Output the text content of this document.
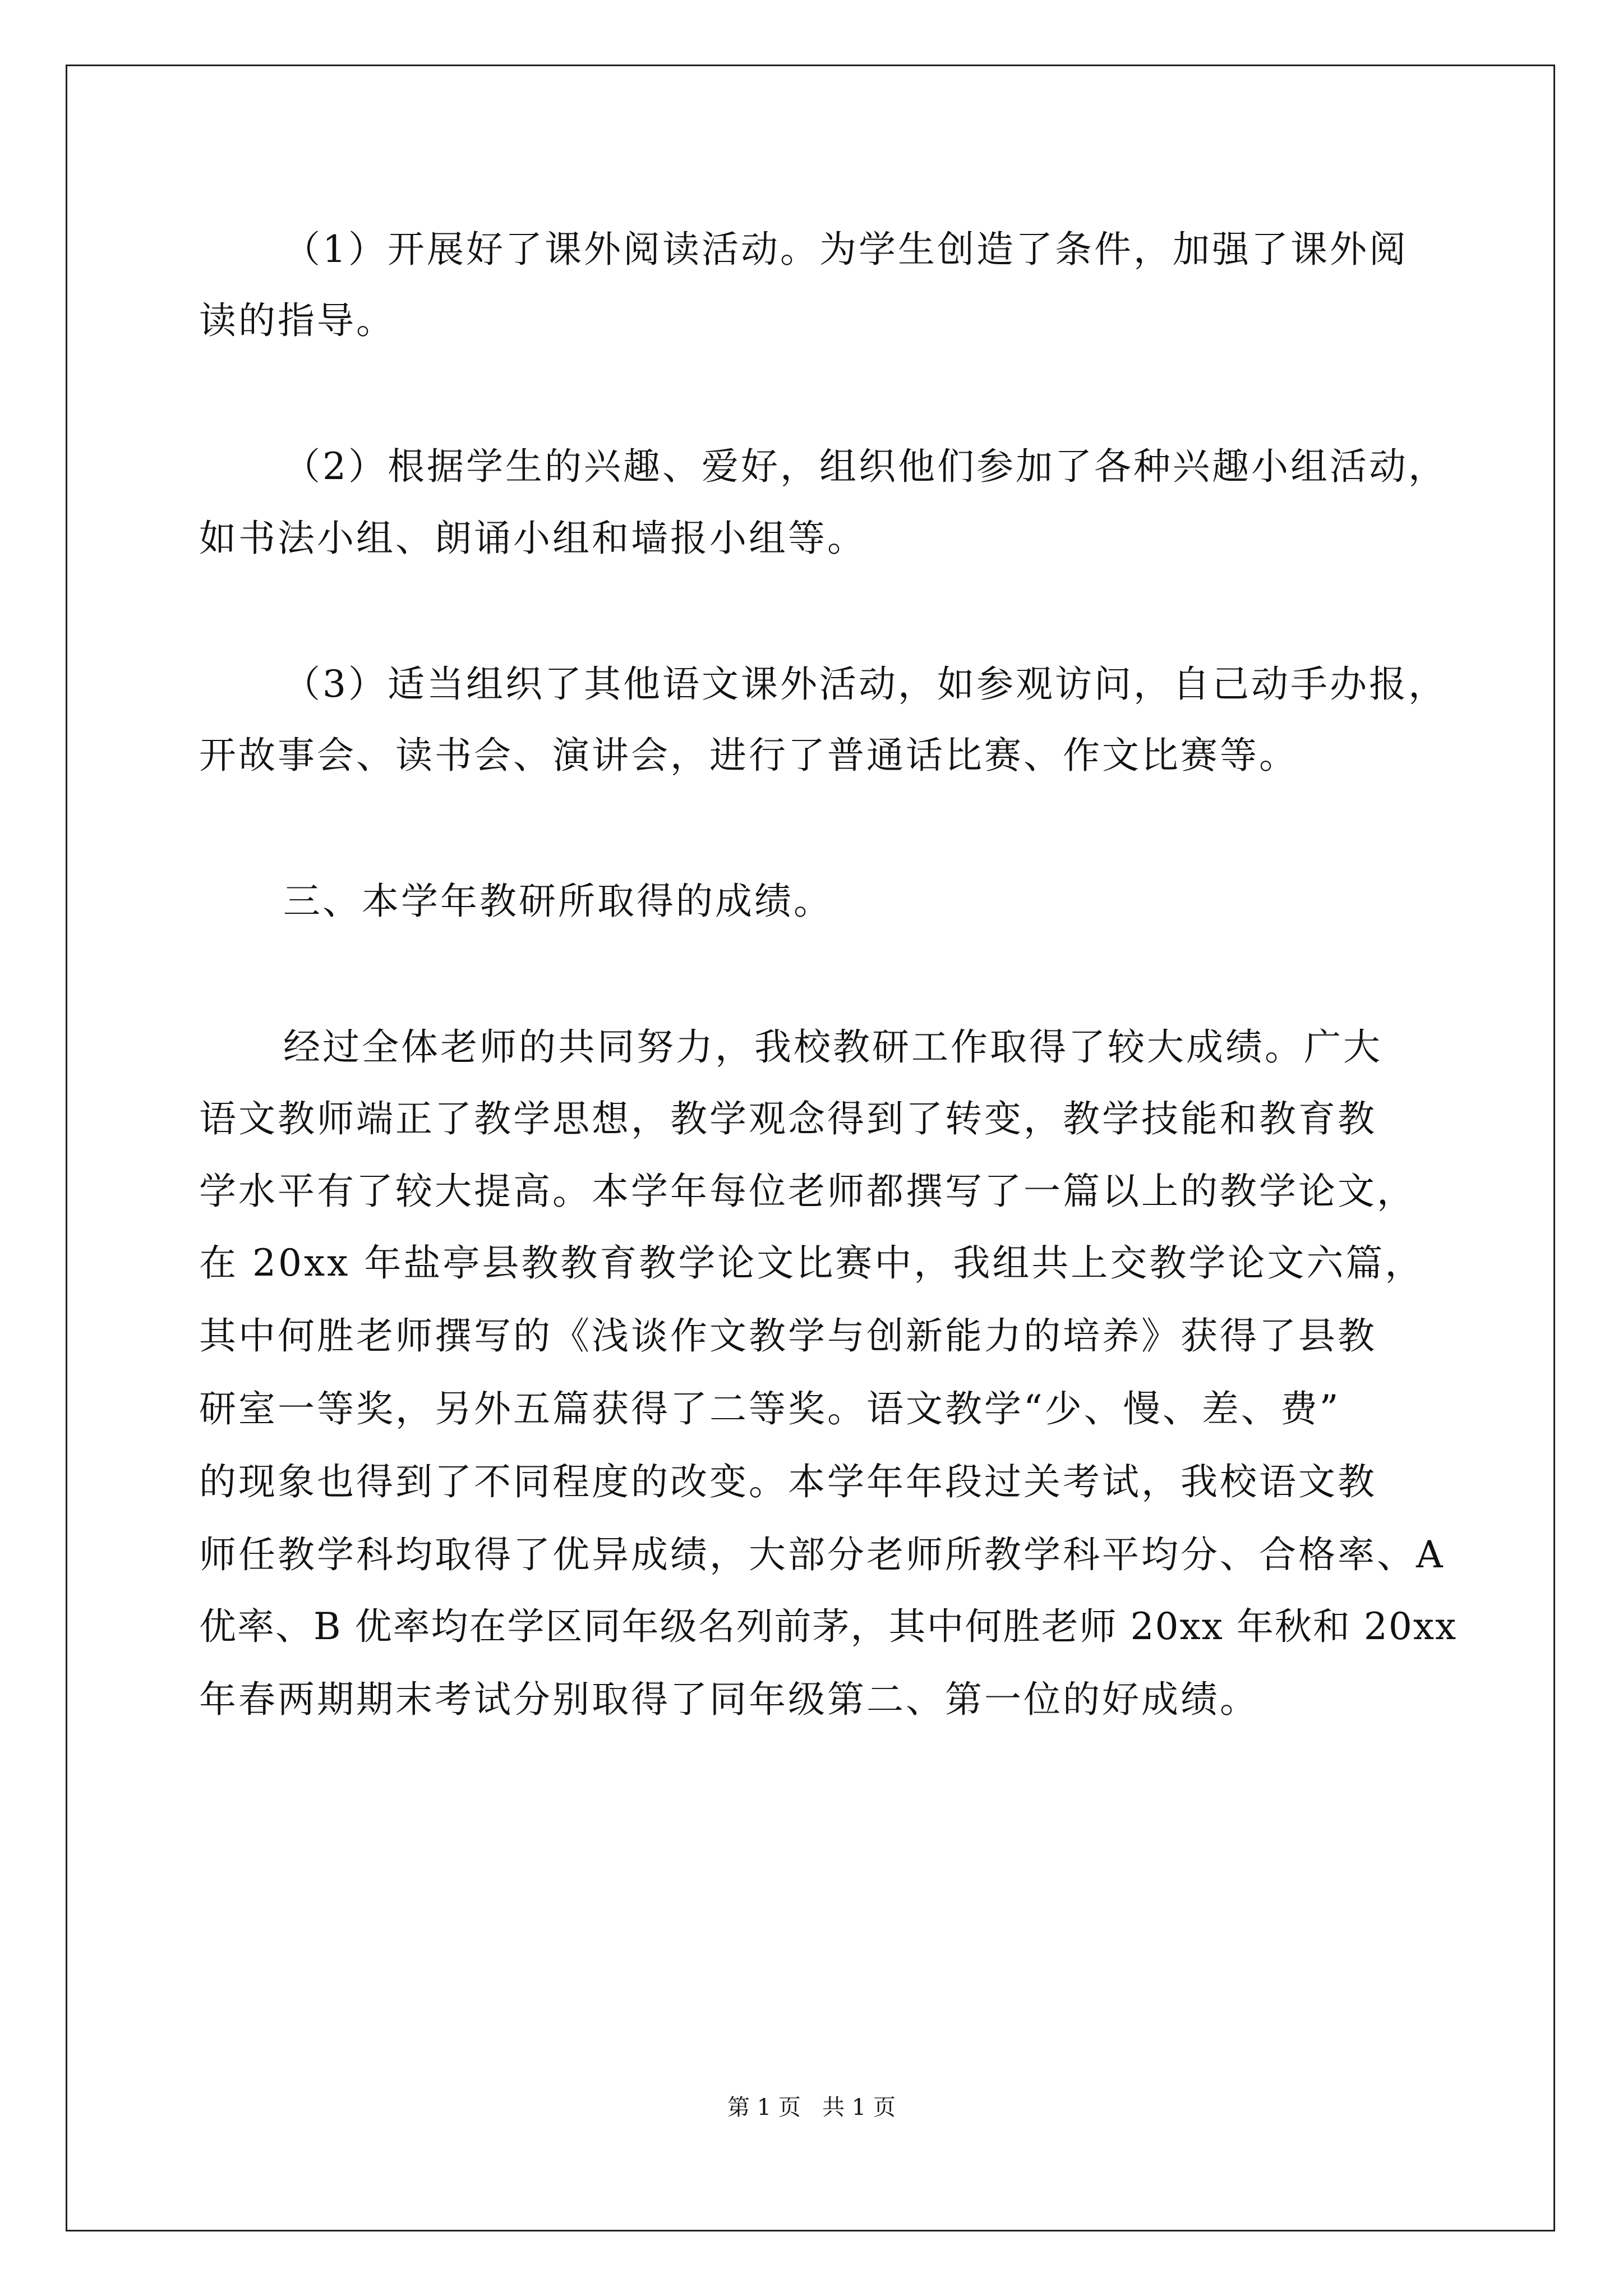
（1）开展好了课外阅读活动。为学生创造了条件，加强了课外阅
读的指导。
（2）根据学生的兴趣、爱好，组织他们参加了各种兴趣小组活动，
如书法小组、朗诵小组和墙报小组等。
（3）适当组织了其他语文课外活动，如参观访问，自己动手办报，
开故事会、读书会、演讲会，进行了普通话比赛、作文比赛等。
三、本学年教研所取得的成绩。
经过全体老师的共同努力，我校教研工作取得了较大成绩。广大
语文教师端正了教学思想，教学观念得到了转变，教学技能和教育教
学水平有了较大提高。本学年每位老师都撰写了一篇以上的教学论文，
在 20xx 年盐亭县教教育教学论文比赛中，我组共上交教学论文六篇，
其中何胜老师撰写的《浅谈作文教学与创新能力的培养》获得了县教
研室一等奖，另外五篇获得了二等奖。语文教学“少、慢、差、费”
的现象也得到了不同程度的改变。本学年年段过关考试，我校语文教
师任教学科均取得了优异成绩，大部分老师所教学科平均分、合格率、A
优率、B 优率均在学区同年级名列前茅，其中何胜老师 20xx 年秋和 20xx
年春两期期末考试分别取得了同年级第二、第一位的好成绩。
第 1 页   共 1 页
